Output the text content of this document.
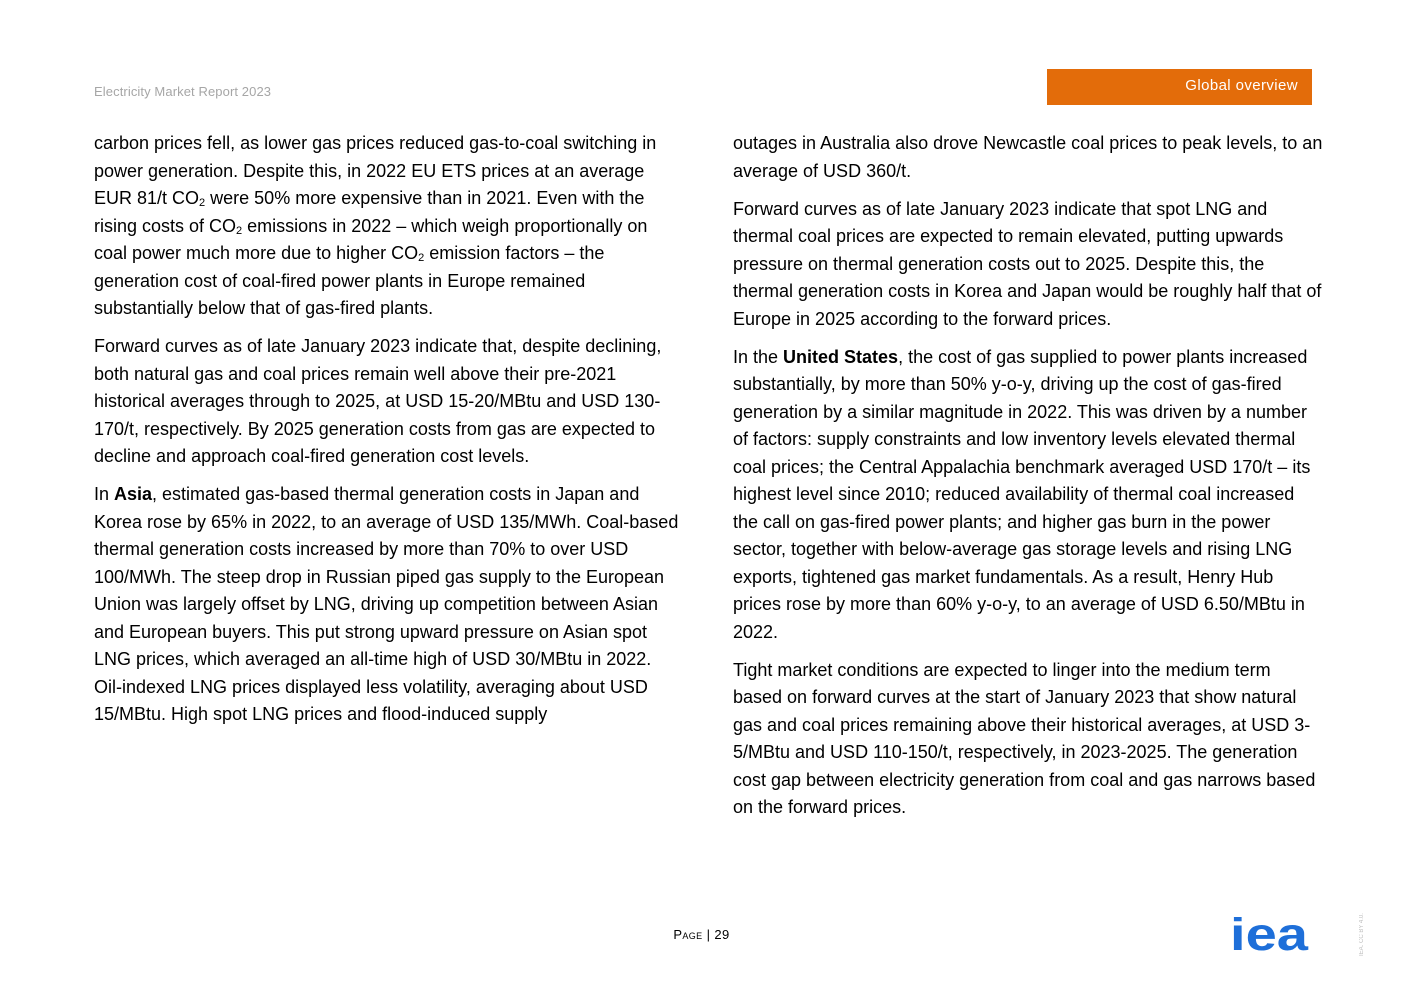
Electricity Market Report 2023	Global overview

carbon prices fell, as lower gas prices reduced gas-to-coal switching in power generation. Despite this, in 2022 EU ETS prices at an average EUR 81/t $CO_2$ were 50% more expensive than in 2021. Even with the rising costs of $CO_2$ emissions in 2022 – which weigh proportionally on coal power much more due to higher $CO_2$ emission factors – the generation cost of coal-fired power plants in Europe remained substantially below that of gas-fired plants.

Forward curves as of late January 2023 indicate that, despite declining, both natural gas and coal prices remain well above their pre-2021 historical averages through to 2025, at USD 15-20/MBtu and USD 130-170/t, respectively. By 2025 generation costs from gas are expected to decline and approach coal-fired generation cost levels.

In Asia, estimated gas-based thermal generation costs in Japan and Korea rose by 65% in 2022, to an average of USD 135/MWh. Coal-based thermal generation costs increased by more than 70% to over USD 100/MWh. The steep drop in Russian piped gas supply to the European Union was largely offset by LNG, driving up competition between Asian and European buyers. This put strong upward pressure on Asian spot LNG prices, which averaged an all-time high of USD 30/MBtu in 2022. Oil-indexed LNG prices displayed less volatility, averaging about USD 15/MBtu. High spot LNG prices and flood-induced supply

outages in Australia also drove Newcastle coal prices to peak levels, to an average of USD 360/t.

Forward curves as of late January 2023 indicate that spot LNG and thermal coal prices are expected to remain elevated, putting upwards pressure on thermal generation costs out to 2025. Despite this, the thermal generation costs in Korea and Japan would be roughly half that of Europe in 2025 according to the forward prices.

In the United States, the cost of gas supplied to power plants increased substantially, by more than 50% y-o-y, driving up the cost of gas-fired generation by a similar magnitude in 2022. This was driven by a number of factors: supply constraints and low inventory levels elevated thermal coal prices; the Central Appalachia benchmark averaged USD 170/t – its highest level since 2010; reduced availability of thermal coal increased the call on gas-fired power plants; and higher gas burn in the power sector, together with below-average gas storage levels and rising LNG exports, tightened gas market fundamentals. As a result, Henry Hub prices rose by more than 60% y-o-y, to an average of USD 6.50/MBtu in 2022.

Tight market conditions are expected to linger into the medium term based on forward curves at the start of January 2023 that show natural gas and coal prices remaining above their historical averages, at USD 3-5/MBtu and USD 110-150/t, respectively, in 2023-2025. The generation cost gap between electricity generation from coal and gas narrows based on the forward prices.

Page | 29	iea	IEA. CC BY 4.0.
